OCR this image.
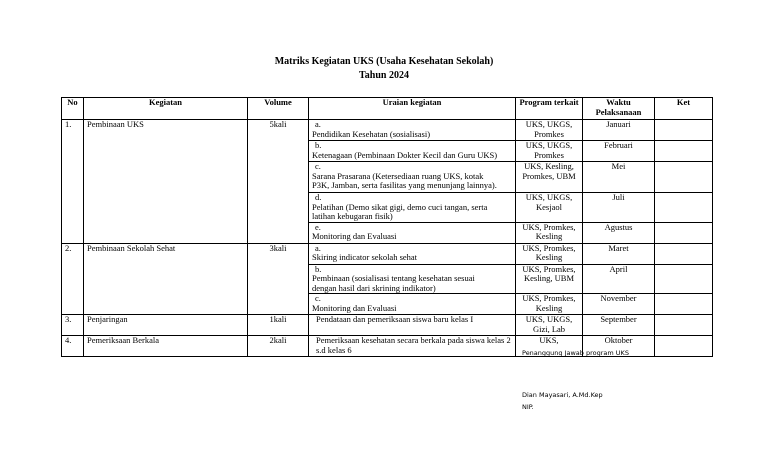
Matriks Kegiatan UKS (Usaha Kesehatan Sekolah)
Tahun 2024
No	Kegiatan	Volume	Uraian kegiatan	Program terkait	Waktu Pelaksanaan	Ket
1.	Pembinaan UKS	5kali	a.Pendidikan Kesehatan (sosialisasi)	UKS, UKGS, Promkes	Januari	
			b.Ketenagaan (Pembinaan Dokter Kecil dan Guru UKS)	UKS, UKGS, Promkes	Februari	
			c.Sarana Prasarana (Ketersediaan ruang UKS, kotak P3K, Jamban, serta fasilitas yang menunjang lainnya).	UKS, Kesling, Promkes, UBM	Mei	
			d.Pelatihan (Demo sikat gigi, demo cuci tangan, serta latihan kebugaran fisik)	UKS, UKGS, Kesjaol	Juli	
			e.Monitoring dan Evaluasi	UKS, Promkes, Kesling	Agustus	
2.	Pembinaan Sekolah Sehat	3kali	a.Skiring indicator sekolah sehat	UKS, Promkes, Kesling	Maret	
			b.Pembinaan (sosialisasi tentang kesehatan sesuai dengan hasil dari skrining indikator)	UKS, Promkes, Kesling, UBM	April	
			c.Monitoring dan Evaluasi	UKS, Promkes, Kesling	November	
3.	Penjaringan	1kali	Pendataan dan pemeriksaan siswa baru kelas I	UKS, UKGS, Gizi, Lab	September	
4.	Pemeriksaan Berkala	2kali	Pemeriksaan kesehatan secara berkala pada siswa kelas 2 s.d kelas 6	UKS,	Oktober	
Penanggung Jawab program UKS
Dian Mayasari, A.Md.Kep
NIP.
